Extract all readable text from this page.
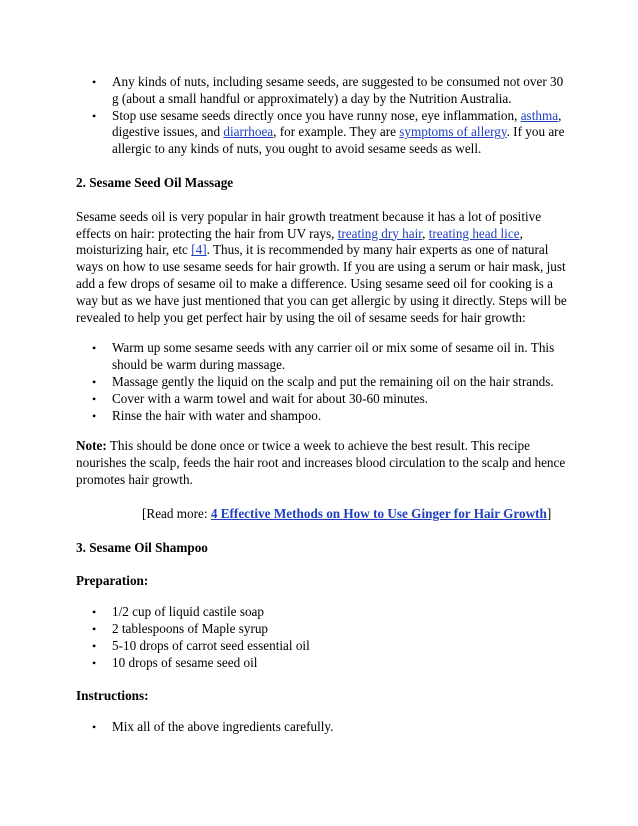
• Any kinds of nuts, including sesame seeds, are suggested to be consumed not over 30 g (about a small handful or approximately) a day by the Nutrition Australia.
• Stop use sesame seeds directly once you have runny nose, eye inflammation, asthma, digestive issues, and diarrhoea, for example. They are symptoms of allergy. If you are allergic to any kinds of nuts, you ought to avoid sesame seeds as well.
2. Sesame Seed Oil Massage

Sesame seeds oil is very popular in hair growth treatment because it has a lot of positive effects on hair: protecting the hair from UV rays, treating dry hair, treating head lice, moisturizing hair, etc [4]. Thus, it is recommended by many hair experts as one of natural ways on how to use sesame seeds for hair growth. If you are using a serum or hair mask, just add a few drops of sesame oil to make a difference. Using sesame seed oil for cooking is a way but as we have just mentioned that you can get allergic by using it directly. Steps will be revealed to help you get perfect hair by using the oil of sesame seeds for hair growth:

• Warm up some sesame seeds with any carrier oil or mix some of sesame oil in. This should be warm during massage.
• Massage gently the liquid on the scalp and put the remaining oil on the hair strands.
• Cover with a warm towel and wait for about 30-60 minutes.
• Rinse the hair with water and shampoo.

Note: This should be done once or twice a week to achieve the best result. This recipe nourishes the scalp, feeds the hair root and increases blood circulation to the scalp and hence promotes hair growth.

[Read more: 4 Effective Methods on How to Use Ginger for Hair Growth]

3. Sesame Oil Shampoo
Preparation:
• 1/2 cup of liquid castile soap
• 2 tablespoons of Maple syrup
• 5-10 drops of carrot seed essential oil
• 10 drops of sesame seed oil
Instructions:
• Mix all of the above ingredients carefully.
